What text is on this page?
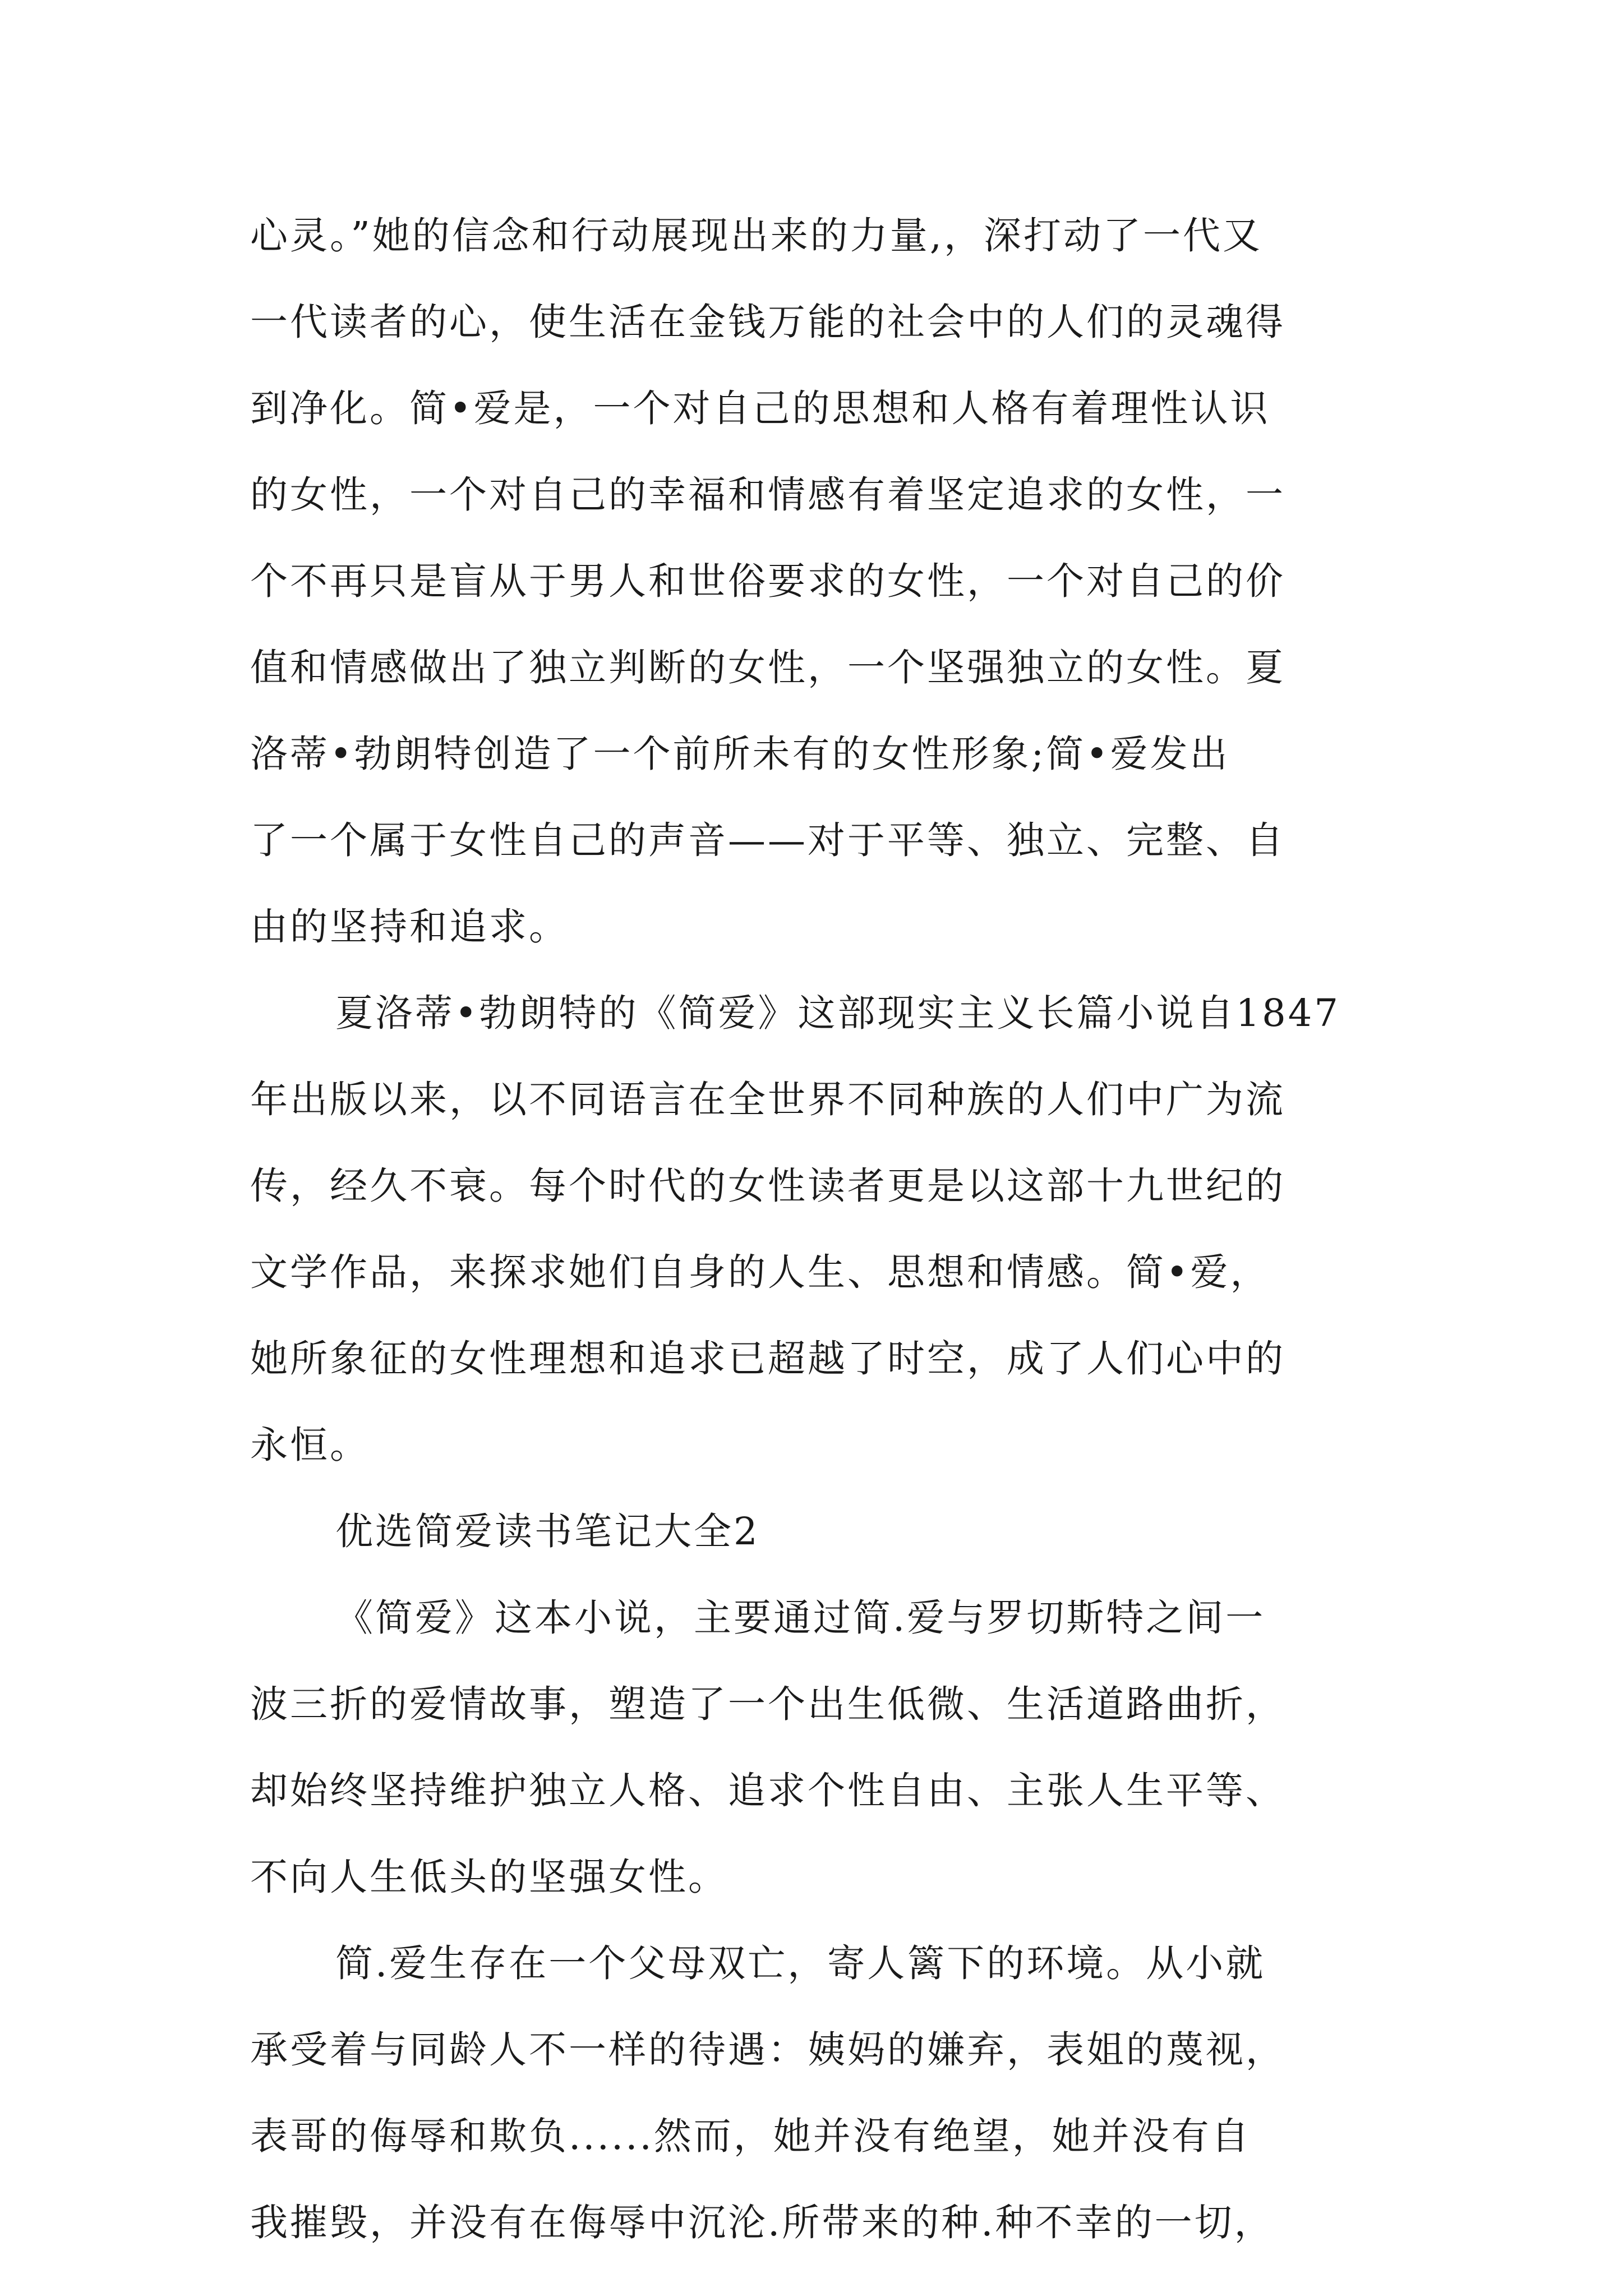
心灵。”她的信念和行动展现出来的力量,，深打动了一代又
一代读者的心，使生活在金钱万能的社会中的人们的灵魂得
到净化。简•爱是，一个对自己的思想和人格有着理性认识
的女性，一个对自己的幸福和情感有着坚定追求的女性，一
个不再只是盲从于男人和世俗要求的女性，一个对自己的价
值和情感做出了独立判断的女性，一个坚强独立的女性。夏
洛蒂•勃朗特创造了一个前所未有的女性形象;简•爱发出
了一个属于女性自己的声音——对于平等、独立、完整、自
由的坚持和追求。
夏洛蒂•勃朗特的《简爱》这部现实主义长篇小说自1847
年出版以来，以不同语言在全世界不同种族的人们中广为流
传，经久不衰。每个时代的女性读者更是以这部十九世纪的
文学作品，来探求她们自身的人生、思想和情感。简•爱，
她所象征的女性理想和追求已超越了时空，成了人们心中的
永恒。
优选简爱读书笔记大全2
《简爱》这本小说，主要通过简.爱与罗切斯特之间一
波三折的爱情故事，塑造了一个出生低微、生活道路曲折，
却始终坚持维护独立人格、追求个性自由、主张人生平等、
不向人生低头的坚强女性。
简.爱生存在一个父母双亡，寄人篱下的环境。从小就
承受着与同龄人不一样的待遇：姨妈的嫌弃，表姐的蔑视，
表哥的侮辱和欺负......然而，她并没有绝望，她并没有自
我摧毁，并没有在侮辱中沉沦.所带来的种.种不幸的一切，
